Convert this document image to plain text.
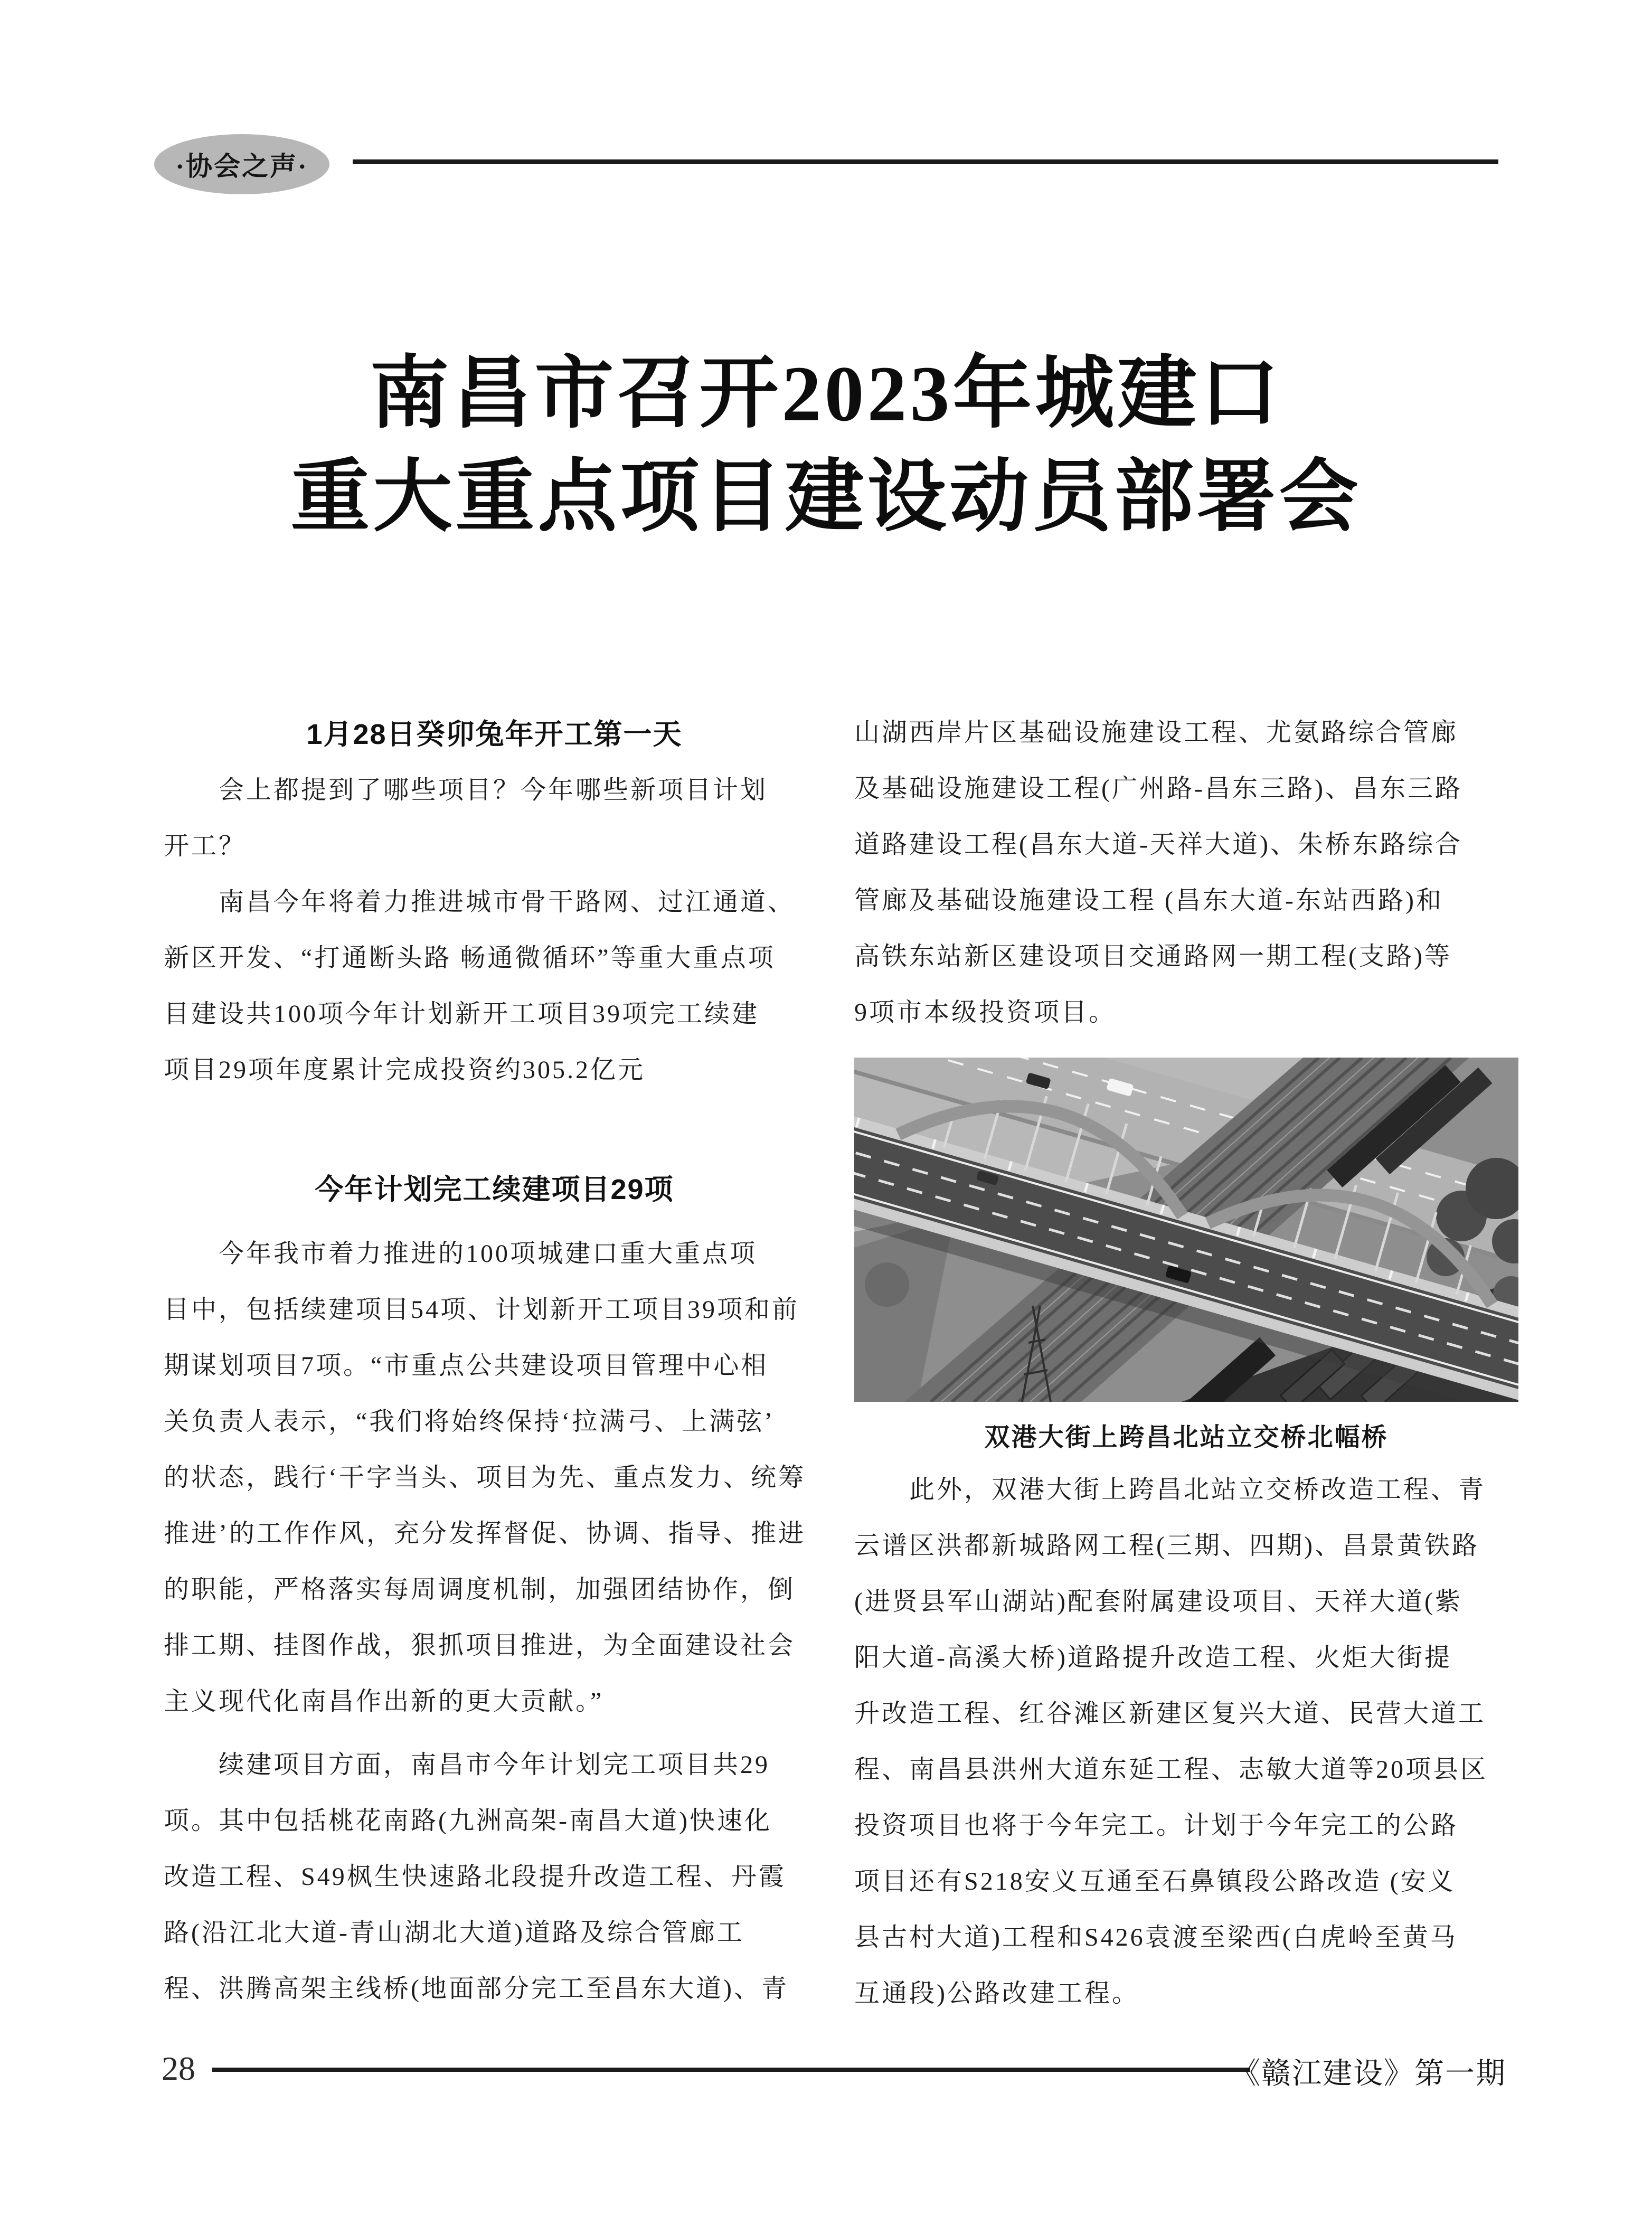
·协会之声·
南昌市召开2023年城建口
重大重点项目建设动员部署会
1月28日癸卯兔年开工第一天
　　会上都提到了哪些项目？今年哪些新项目计划
开工？
　　南昌今年将着力推进城市骨干路网、过江通道、
新区开发、“打通断头路 畅通微循环”等重大重点项
目建设共100项今年计划新开工项目39项完工续建
项目29项年度累计完成投资约305.2亿元
今年计划完工续建项目29项
　　今年我市着力推进的100项城建口重大重点项
目中，包括续建项目54项、计划新开工项目39项和前
期谋划项目7项。“市重点公共建设项目管理中心相
关负责人表示，“我们将始终保持‘拉满弓、上满弦’
的状态，践行‘干字当头、项目为先、重点发力、统筹
推进’的工作作风，充分发挥督促、协调、指导、推进
的职能，严格落实每周调度机制，加强团结协作，倒
排工期、挂图作战，狠抓项目推进，为全面建设社会
主义现代化南昌作出新的更大贡献。”
　　续建项目方面，南昌市今年计划完工项目共29
项。其中包括桃花南路(九洲高架-南昌大道)快速化
改造工程、S49枫生快速路北段提升改造工程、丹霞
路(沿江北大道-青山湖北大道)道路及综合管廊工
程、洪腾高架主线桥(地面部分完工至昌东大道)、青
山湖西岸片区基础设施建设工程、尤氨路综合管廊
及基础设施建设工程(广州路-昌东三路)、昌东三路
道路建设工程(昌东大道-天祥大道)、朱桥东路综合
管廊及基础设施建设工程 (昌东大道-东站西路)和
高铁东站新区建设项目交通路网一期工程(支路)等
9项市本级投资项目。
双港大街上跨昌北站立交桥北幅桥
　　此外，双港大街上跨昌北站立交桥改造工程、青
云谱区洪都新城路网工程(三期、四期)、昌景黄铁路
(进贤县军山湖站)配套附属建设项目、天祥大道(紫
阳大道-高溪大桥)道路提升改造工程、火炬大街提
升改造工程、红谷滩区新建区复兴大道、民营大道工
程、南昌县洪州大道东延工程、志敏大道等20项县区
投资项目也将于今年完工。计划于今年完工的公路
项目还有S218安义互通至石鼻镇段公路改造 (安义
县古村大道)工程和S426袁渡至梁西(白虎岭至黄马
互通段)公路改建工程。
28	《赣江建设》第一期
